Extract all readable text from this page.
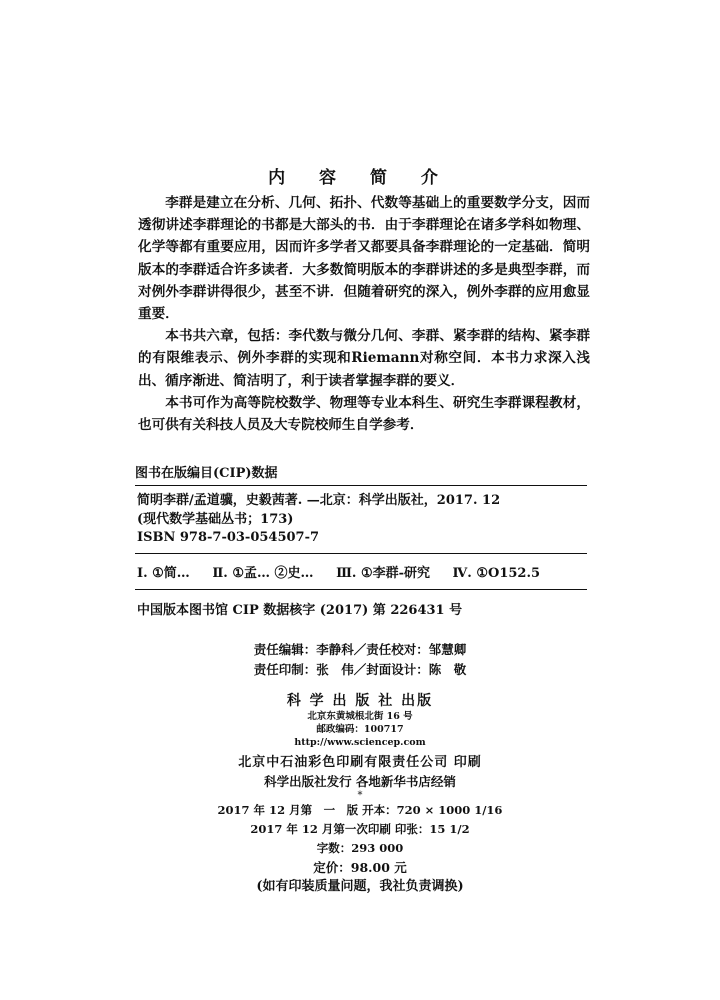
内 容 简 介

李群是建立在分析、几何、拓扑、代数等基础上的重要数学分支，因而透彻讲述李群理论的书都是大部头的书．由于李群理论在诸多学科如物理、化学等都有重要应用，因而许多学者又都要具备李群理论的一定基础．简明版本的李群适合许多读者．大多数简明版本的李群讲述的多是典型李群，而对例外李群讲得很少，甚至不讲．但随着研究的深入，例外李群的应用愈显重要．

本书共六章，包括：李代数与微分几何、李群、紧李群的结构、紧李群的有限维表示、例外李群的实现和Riemann对称空间．本书力求深入浅出、循序渐进、简洁明了，利于读者掌握李群的要义．

本书可作为高等院校数学、物理等专业本科生、研究生李群课程教材，也可供有关科技人员及大专院校师生自学参考．

图书在版编目(CIP)数据
简明李群/孟道骥，史毅茜著. —北京：科学出版社，2017. 12
(现代数学基础丛书；173)
ISBN 978-7-03-054507-7
Ⅰ. ①简… Ⅱ. ①孟… ②史… Ⅲ. ①李群-研究 Ⅳ. ①O152.5
中国版本图书馆 CIP 数据核字 (2017) 第 226431 号
责任编辑：李静科／责任校对：邹慧卿
责任印制：张　伟／封面设计：陈　敬
科 学 出 版 社 出版
北京东黄城根北街 16 号
邮政编码：100717
http://www.sciencep.com
北京中石油彩色印刷有限责任公司 印刷
科学出版社发行 各地新华书店经销
*
2017 年 12 月第　一　版 开本：720 × 1000 1/16
2017 年 12 月第一次印刷 印张：15 1/2
字数：293 000
定价：98.00 元
(如有印装质量问题，我社负责调换)
